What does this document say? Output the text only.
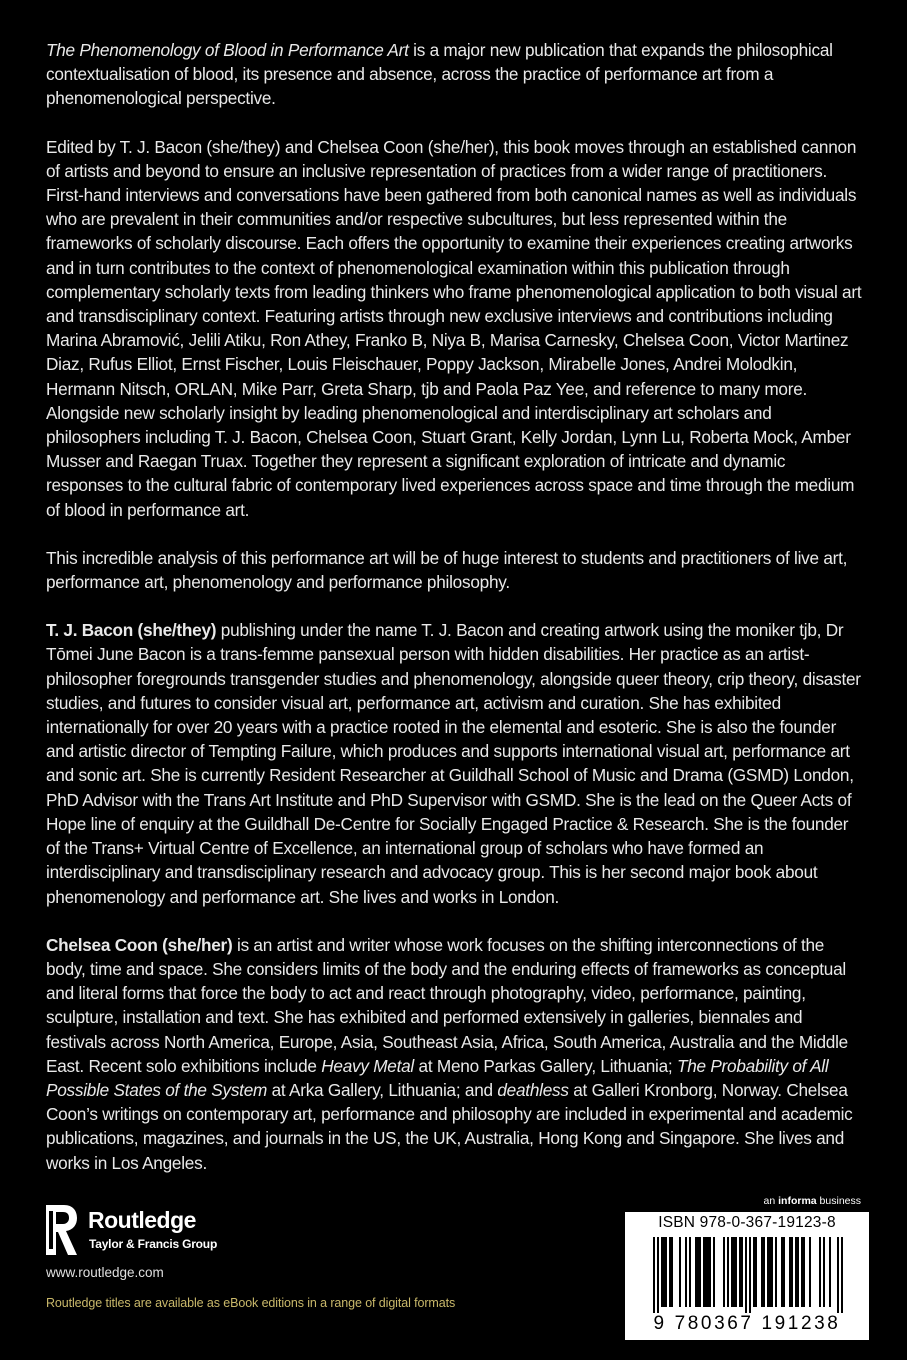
The Phenomenology of Blood in Performance Art is a major new publication that expands the philosophical contextualisation of blood, its presence and absence, across the practice of performance art from a phenomenological perspective.

Edited by T. J. Bacon (she/they) and Chelsea Coon (she/her), this book moves through an established cannon of artists and beyond to ensure an inclusive representation of practices from a wider range of practitioners. First-hand interviews and conversations have been gathered from both canonical names as well as individuals who are prevalent in their communities and/or respective subcultures, but less represented within the frameworks of scholarly discourse. Each offers the opportunity to examine their experiences creating artworks and in turn contributes to the context of phenomenological examination within this publication through complementary scholarly texts from leading thinkers who frame phenomenological application to both visual art and transdisciplinary context. Featuring artists through new exclusive interviews and contributions including Marina Abramović, Jelili Atiku, Ron Athey, Franko B, Niya B, Marisa Carnesky, Chelsea Coon, Victor Martinez Diaz, Rufus Elliot, Ernst Fischer, Louis Fleischauer, Poppy Jackson, Mirabelle Jones, Andrei Molodkin, Hermann Nitsch, ORLAN, Mike Parr, Greta Sharp, tjb and Paola Paz Yee, and reference to many more. Alongside new scholarly insight by leading phenomenological and interdisciplinary art scholars and philosophers including T. J. Bacon, Chelsea Coon, Stuart Grant, Kelly Jordan, Lynn Lu, Roberta Mock, Amber Musser and Raegan Truax. Together they represent a significant exploration of intricate and dynamic responses to the cultural fabric of contemporary lived experiences across space and time through the medium of blood in performance art.

This incredible analysis of this performance art will be of huge interest to students and practitioners of live art, performance art, phenomenology and performance philosophy.

T. J. Bacon (she/they) publishing under the name T. J. Bacon and creating artwork using the moniker tjb, Dr Tōmei June Bacon is a trans-femme pansexual person with hidden disabilities. Her practice as an artist-philosopher foregrounds transgender studies and phenomenology, alongside queer theory, crip theory, disaster studies, and futures to consider visual art, performance art, activism and curation. She has exhibited internationally for over 20 years with a practice rooted in the elemental and esoteric. She is also the founder and artistic director of Tempting Failure, which produces and supports international visual art, performance art and sonic art. She is currently Resident Researcher at Guildhall School of Music and Drama (GSMD) London, PhD Advisor with the Trans Art Institute and PhD Supervisor with GSMD. She is the lead on the Queer Acts of Hope line of enquiry at the Guildhall De-Centre for Socially Engaged Practice & Research. She is the founder of the Trans+ Virtual Centre of Excellence, an international group of scholars who have formed an interdisciplinary and transdisciplinary research and advocacy group. This is her second major book about phenomenology and performance art. She lives and works in London.

Chelsea Coon (she/her) is an artist and writer whose work focuses on the shifting interconnections of the body, time and space. She considers limits of the body and the enduring effects of frameworks as conceptual and literal forms that force the body to act and react through photography, video, performance, painting, sculpture, installation and text. She has exhibited and performed extensively in galleries, biennales and festivals across North America, Europe, Asia, Southeast Asia, Africa, South America, Australia and the Middle East. Recent solo exhibitions include Heavy Metal at Meno Parkas Gallery, Lithuania; The Probability of All Possible States of the System at Arka Gallery, Lithuania; and deathless at Galleri Kronborg, Norway. Chelsea Coon’s writings on contemporary art, performance and philosophy are included in experimental and academic publications, magazines, and journals in the US, the UK, Australia, Hong Kong and Singapore. She lives and works in Los Angeles.

Routledge
Taylor & Francis Group
www.routledge.com
Routledge titles are available as eBook editions in a range of digital formats
an informa business
ISBN 978-0-367-19123-8
9 780367 191238
